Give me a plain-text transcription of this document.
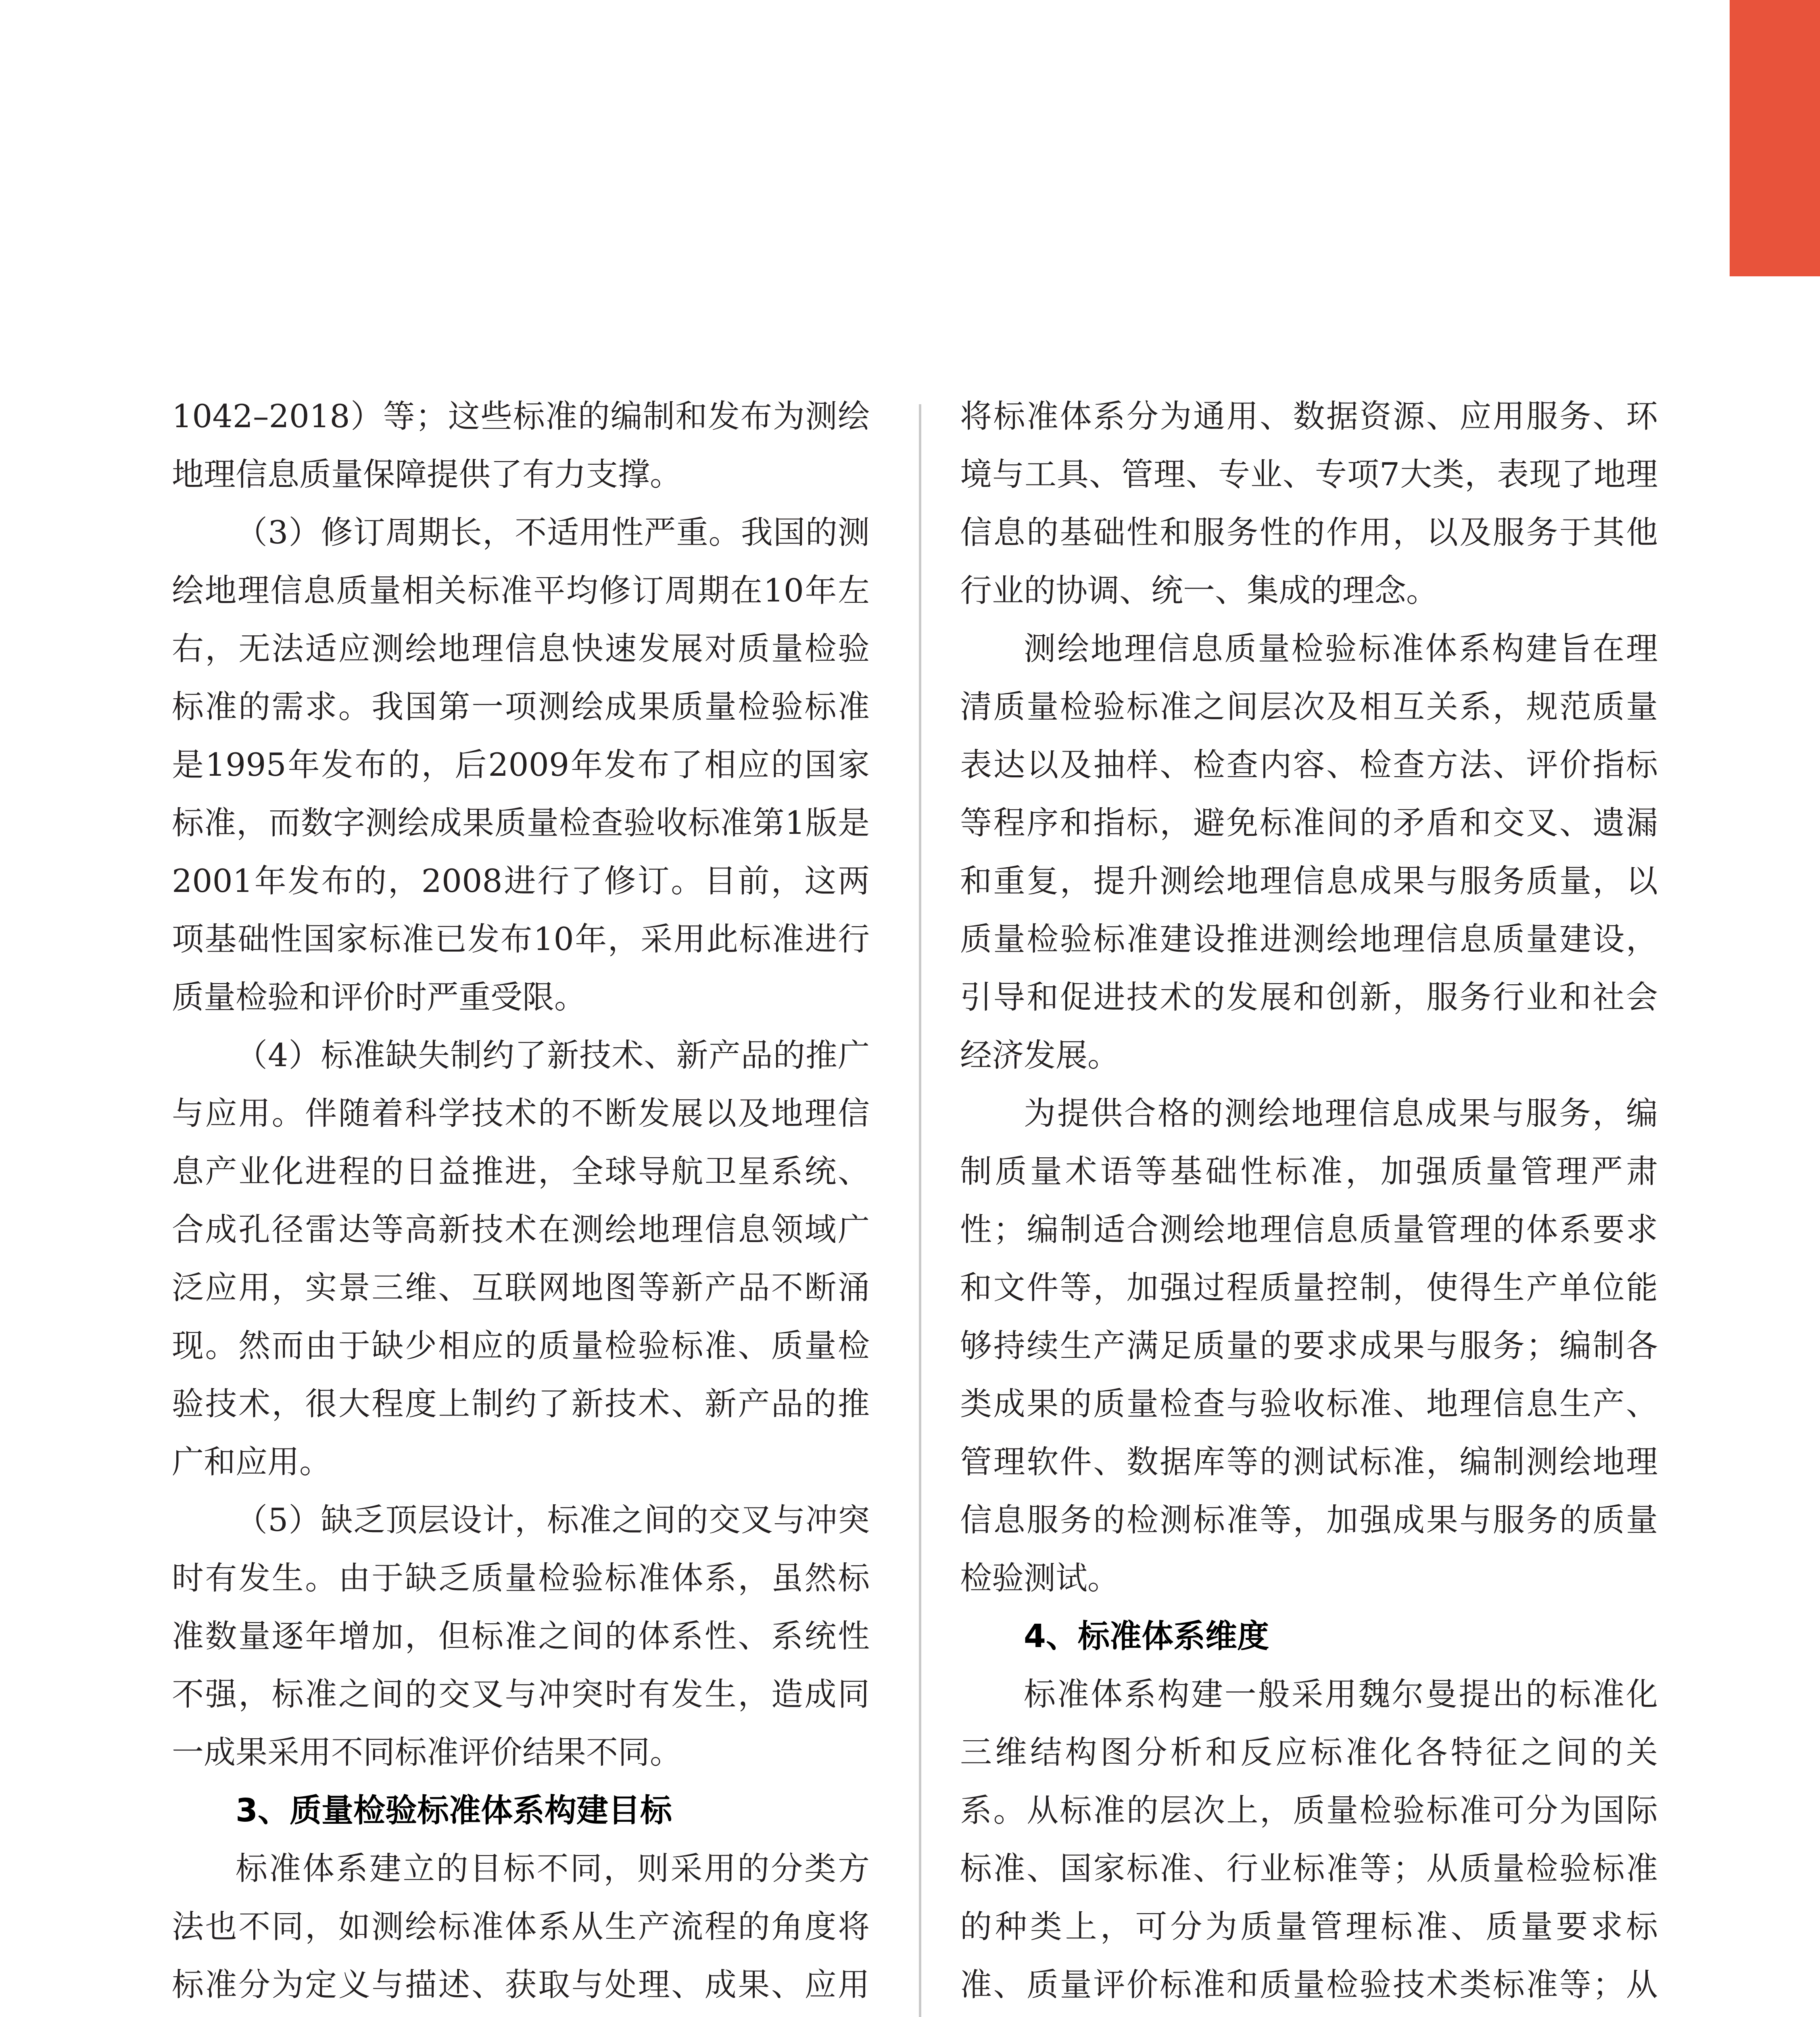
1042–2018）等；这些标准的编制和发布为测绘地理信息质量保障提供了有力支撑。

（3）修订周期长，不适用性严重。我国的测绘地理信息质量相关标准平均修订周期在10年左右，无法适应测绘地理信息快速发展对质量检验标准的需求。我国第一项测绘成果质量检验标准是1995年发布的，后2009年发布了相应的国家标准，而数字测绘成果质量检查验收标准第1版是2001年发布的，2008进行了修订。目前，这两项基础性国家标准已发布10年，采用此标准进行质量检验和评价时严重受限。

（4）标准缺失制约了新技术、新产品的推广与应用。伴随着科学技术的不断发展以及地理信息产业化进程的日益推进，全球导航卫星系统、合成孔径雷达等高新技术在测绘地理信息领域广泛应用，实景三维、互联网地图等新产品不断涌现。然而由于缺少相应的质量检验标准、质量检验技术，很大程度上制约了新技术、新产品的推广和应用。

（5）缺乏顶层设计，标准之间的交叉与冲突时有发生。由于缺乏质量检验标准体系，虽然标准数量逐年增加，但标准之间的体系性、系统性不强，标准之间的交叉与冲突时有发生，造成同一成果采用不同标准评价结果不同。

3、质量检验标准体系构建目标

标准体系建立的目标不同，则采用的分类方法也不同，如测绘标准体系从生产流程的角度将标准分为定义与描述、获取与处理、成果、应用

将标准体系分为通用、数据资源、应用服务、环境与工具、管理、专业、专项7大类，表现了地理信息的基础性和服务性的作用，以及服务于其他行业的协调、统一、集成的理念。

测绘地理信息质量检验标准体系构建旨在理清质量检验标准之间层次及相互关系，规范质量表达以及抽样、检查内容、检查方法、评价指标等程序和指标，避免标准间的矛盾和交叉、遗漏和重复，提升测绘地理信息成果与服务质量，以质量检验标准建设推进测绘地理信息质量建设，引导和促进技术的发展和创新，服务行业和社会经济发展。

为提供合格的测绘地理信息成果与服务，编制质量术语等基础性标准，加强质量管理严肃性；编制适合测绘地理信息质量管理的体系要求和文件等，加强过程质量控制，使得生产单位能够持续生产满足质量的要求成果与服务；编制各类成果的质量检查与验收标准、地理信息生产、管理软件、数据库等的测试标准，编制测绘地理信息服务的检测标准等，加强成果与服务的质量检验测试。

4、标准体系维度

标准体系构建一般采用魏尔曼提出的标准化三维结构图分析和反应标准化各特征之间的关系。从标准的层次上，质量检验标准可分为国际标准、国家标准、行业标准等；从质量检验标准的种类上，可分为质量管理标准、质量要求标准、质量评价标准和质量检验技术类标准等；从
